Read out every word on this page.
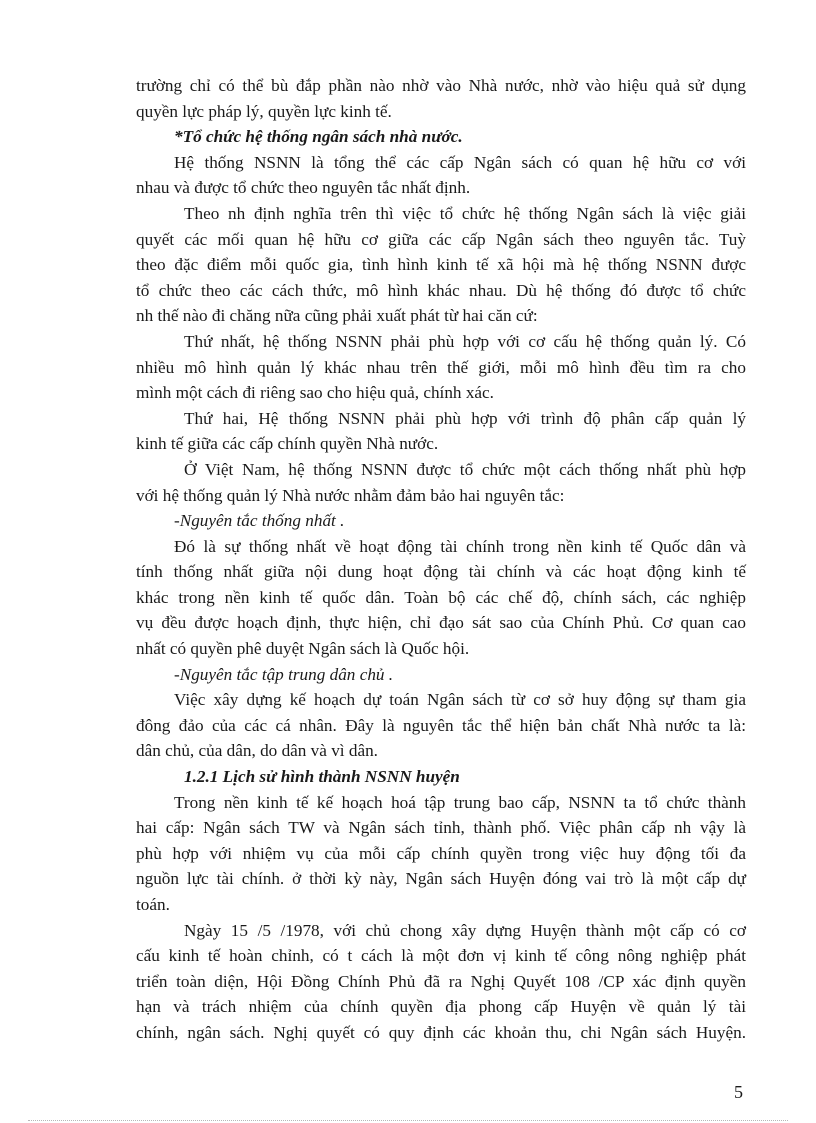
trường chỉ có thể bù đắp phần nào nhờ vào Nhà nước, nhờ vào hiệu quả sử dụng
quyền lực pháp lý, quyền lực kinh tế.
*Tổ chức hệ thống ngân sách nhà nước.
Hệ thống NSNN là tổng thể các cấp Ngân sách có quan hệ hữu cơ với
nhau và được tổ chức theo nguyên tắc nhất định.
Theo nh định nghĩa trên thì việc tổ chức hệ thống Ngân sách là việc giải
quyết các mối quan hệ hữu cơ giữa các cấp Ngân sách theo nguyên tắc. Tuỳ
theo đặc điểm mỗi quốc gia, tình hình kinh tế xã hội mà hệ thống NSNN được
tổ chức theo các cách thức, mô hình khác nhau. Dù hệ thống đó được tổ chức
nh thế nào đi chăng nữa cũng phải xuất phát từ hai căn cứ:
Thứ nhất, hệ thống NSNN phải phù hợp với cơ cấu hệ thống quản lý. Có
nhiều mô hình quản lý khác nhau trên thế giới, mỗi mô hình đều tìm ra cho
mình một cách đi riêng sao cho hiệu quả, chính xác.
Thứ hai, Hệ thống NSNN phải phù hợp với trình độ phân cấp quản lý
kinh tế giữa các cấp chính quyền Nhà nước.
Ở Việt Nam, hệ thống NSNN được tổ chức một cách thống nhất phù hợp
với hệ thống quản lý Nhà nước nhằm đảm bảo hai nguyên tắc:
-Nguyên tắc thống nhất .
Đó là sự thống nhất về hoạt động tài chính trong nền kinh tế Quốc dân và
tính thống nhất giữa nội dung hoạt động tài chính và các hoạt động kinh tế
khác trong nền kinh tế quốc dân. Toàn bộ các chế độ, chính sách, các nghiệp
vụ đều được hoạch định, thực hiện, chỉ đạo sát sao của Chính Phủ. Cơ quan cao
nhất có quyền phê duyệt Ngân sách là Quốc hội.
-Nguyên tắc tập trung dân chủ .
Việc xây dựng kế hoạch dự toán Ngân sách từ cơ sở huy động sự tham gia
đông đảo của các cá nhân. Đây là nguyên tắc thể hiện bản chất Nhà nước ta là:
dân chủ, của dân, do dân và vì dân.
1.2.1 Lịch sử hình thành NSNN huyện
Trong nền kinh tế kế hoạch hoá tập trung bao cấp, NSNN ta tổ chức thành
hai cấp: Ngân sách TW và Ngân sách tỉnh, thành phố. Việc phân cấp nh vậy là
phù hợp với nhiệm vụ của mỗi cấp chính quyền trong việc huy động tối đa
nguồn lực tài chính. ở thời kỳ này, Ngân sách Huyện đóng vai trò là một cấp dự
toán.
Ngày 15 /5 /1978, với chủ chong xây dựng Huyện thành một cấp có cơ
cấu kinh tế hoàn chỉnh, có t cách là một đơn vị kinh tế công nông nghiệp phát
triển toàn diện, Hội Đồng Chính Phủ đã ra Nghị Quyết 108 /CP xác định quyền
hạn và trách nhiệm của chính quyền địa phong cấp Huyện về quản lý tài
chính, ngân sách. Nghị quyết có quy định các khoản thu, chi Ngân sách Huyện.
5
